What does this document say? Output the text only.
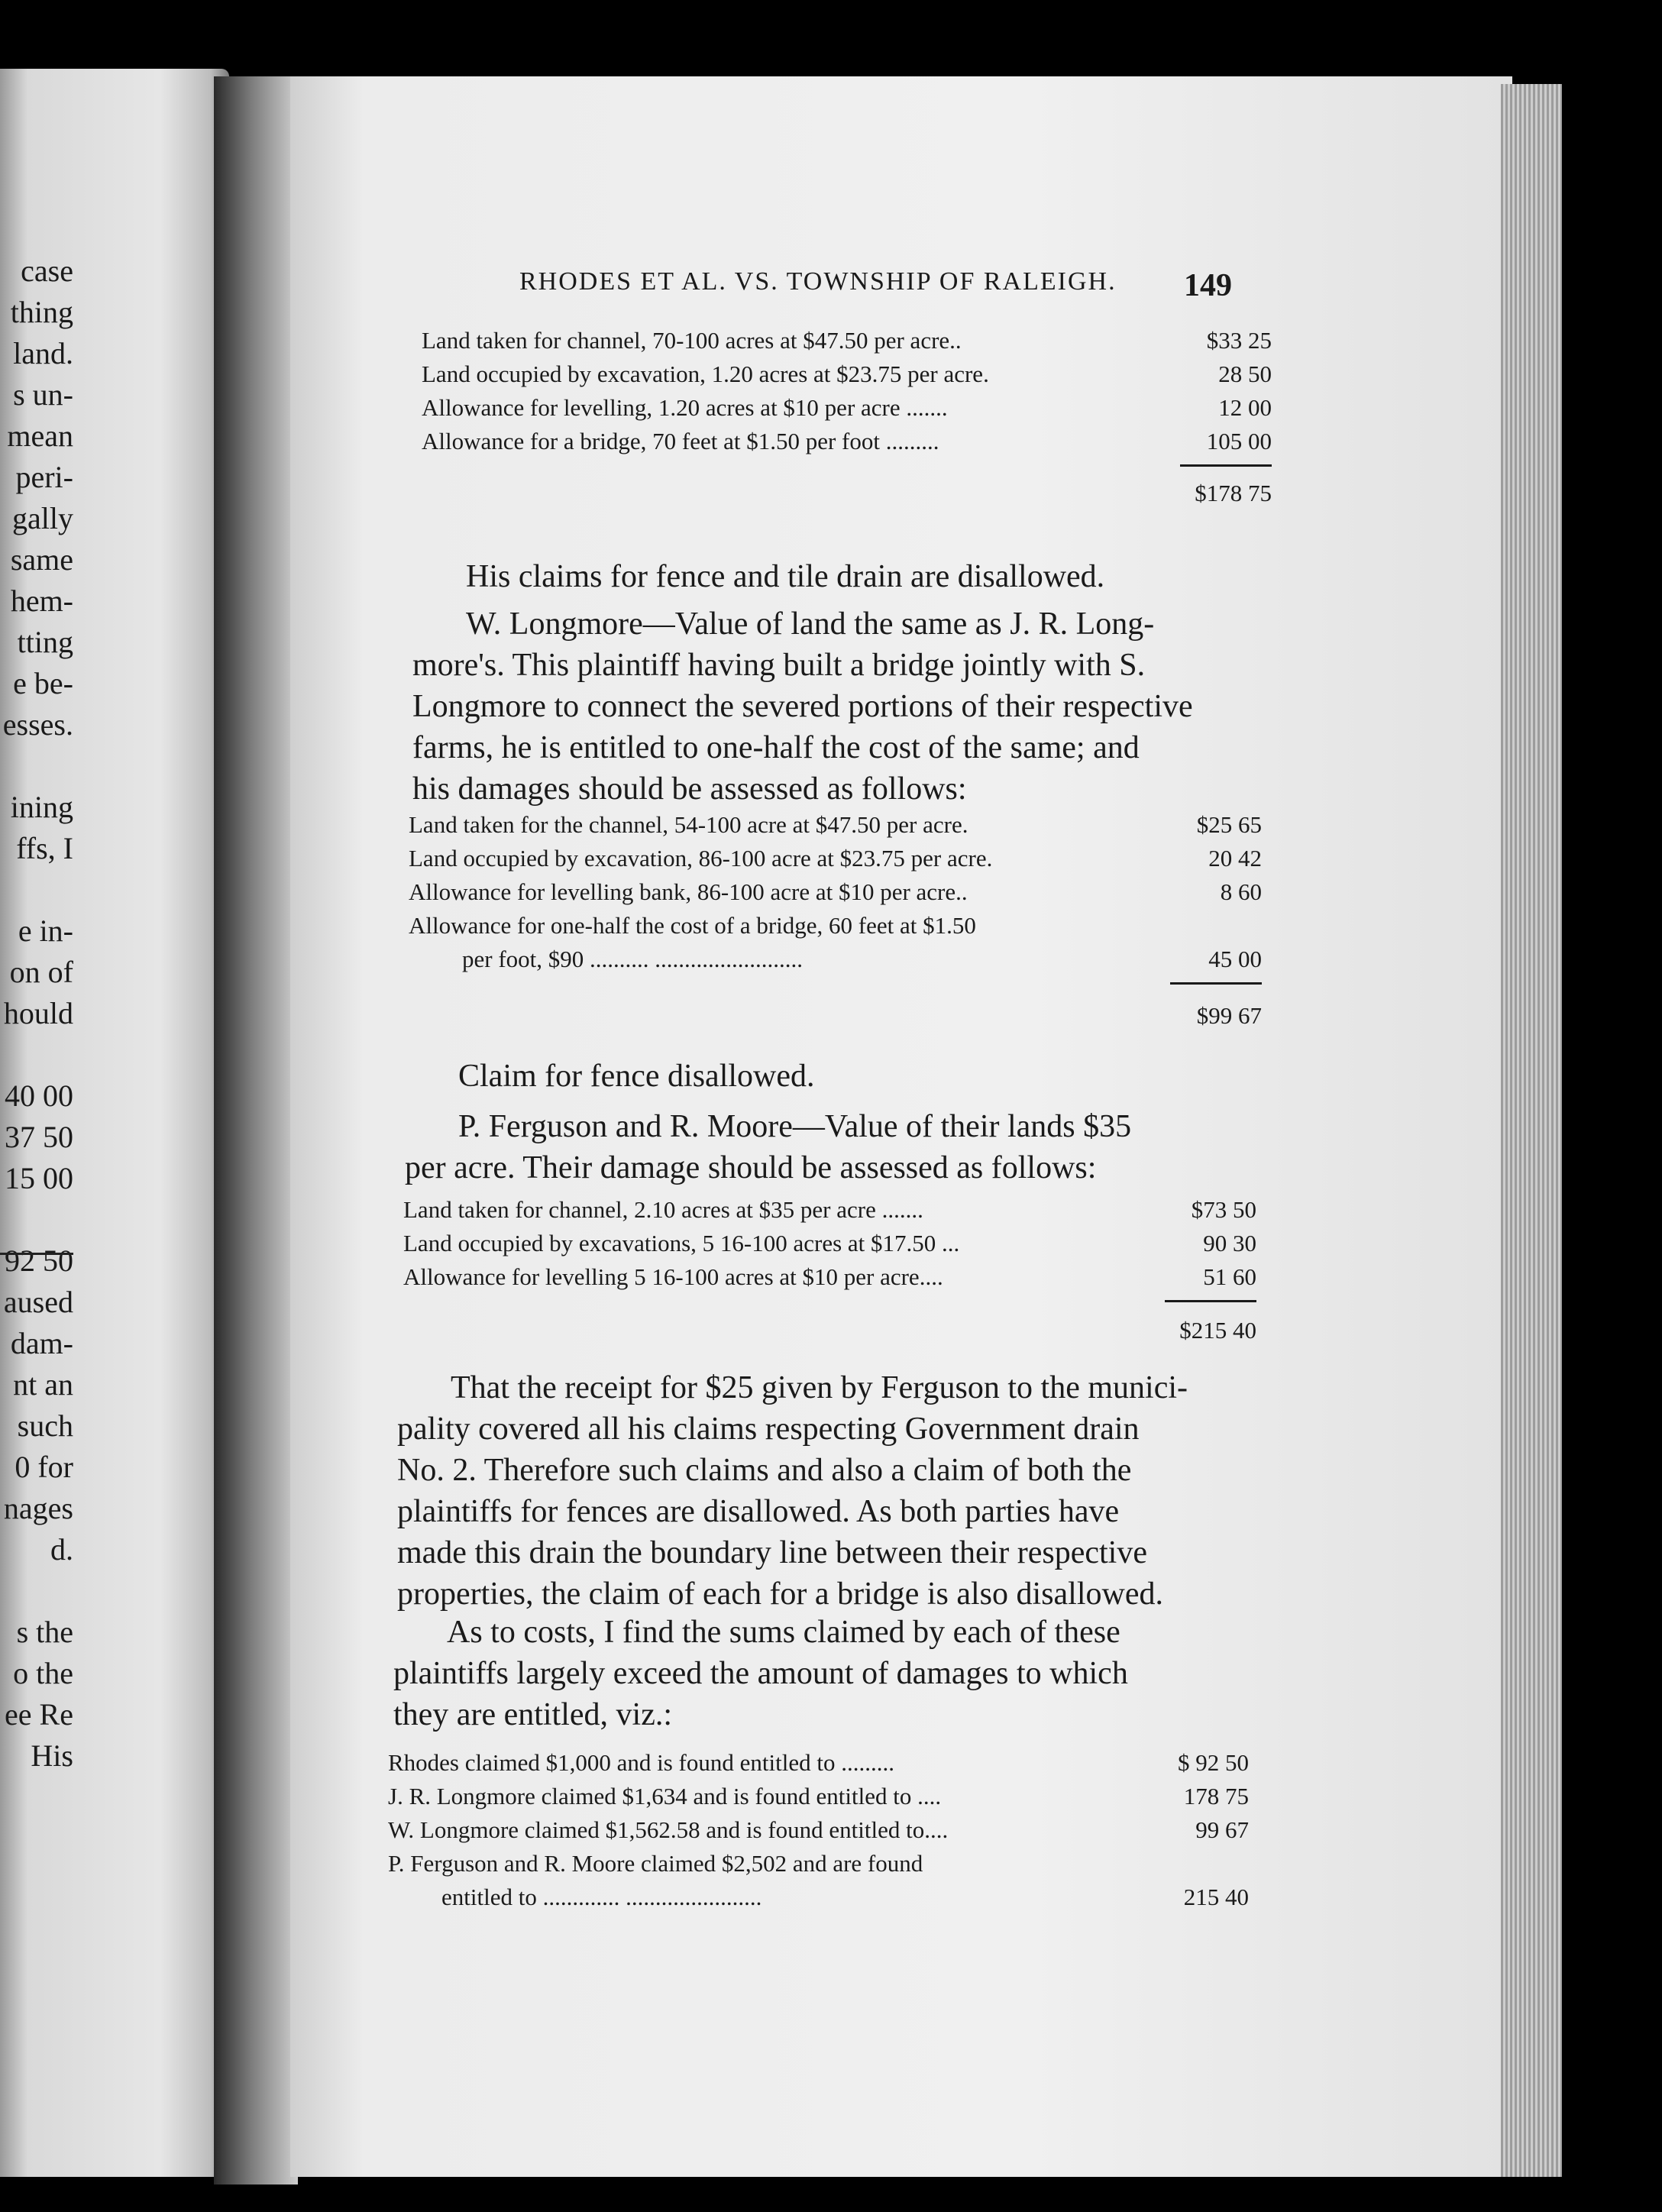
case
thing
land.
s un-
mean
peri-
gally
same
hem-
tting
e be-
esses.
ining
ffs, I
e in-
on of
hould
40 00
37 50
15 00
92 50
aused
dam-
nt an
such
0 for
nages
d.
s the
o the
ee Re
His
RHODES ET AL. VS. TOWNSHIP OF RALEIGH. 149
Land taken for channel, 70-100 acres at $47.50 per acre..	$33 25
Land occupied by excavation, 1.20 acres at $23.75 per acre.	28 50
Allowance for levelling, 1.20 acres at $10 per acre .......	12 00
Allowance for a bridge, 70 feet at $1.50 per foot .........	105 00
$178 75
His claims for fence and tile drain are disallowed.
W. Longmore—Value of land the same as J. R. Long-
more's. This plaintiff having built a bridge jointly with S.
Longmore to connect the severed portions of their respective
farms, he is entitled to one-half the cost of the same; and
his damages should be assessed as follows:
Land taken for the channel, 54-100 acre at $47.50 per acre.	$25 65
Land occupied by excavation, 86-100 acre at $23.75 per acre.	20 42
Allowance for levelling bank, 86-100 acre at $10 per acre..	8 60
Allowance for one-half the cost of a bridge, 60 feet at $1.50
per foot, $90 .......... .........................	45 00
$99 67
Claim for fence disallowed.
P. Ferguson and R. Moore—Value of their lands $35
per acre. Their damage should be assessed as follows:
Land taken for channel, 2.10 acres at $35 per acre .......	$73 50
Land occupied by excavations, 5 16-100 acres at $17.50 ...	90 30
Allowance for levelling 5 16-100 acres at $10 per acre....	51 60
$215 40
That the receipt for $25 given by Ferguson to the munici-
pality covered all his claims respecting Government drain
No. 2. Therefore such claims and also a claim of both the
plaintiffs for fences are disallowed. As both parties have
made this drain the boundary line between their respective
properties, the claim of each for a bridge is also disallowed.
As to costs, I find the sums claimed by each of these
plaintiffs largely exceed the amount of damages to which
they are entitled, viz.:
Rhodes claimed $1,000 and is found entitled to .........	$ 92 50
J. R. Longmore claimed $1,634 and is found entitled to ....	178 75
W. Longmore claimed $1,562.58 and is found entitled to....	99 67
P. Ferguson and R. Moore claimed $2,502 and are found
entitled to ............. .......................	215 40
